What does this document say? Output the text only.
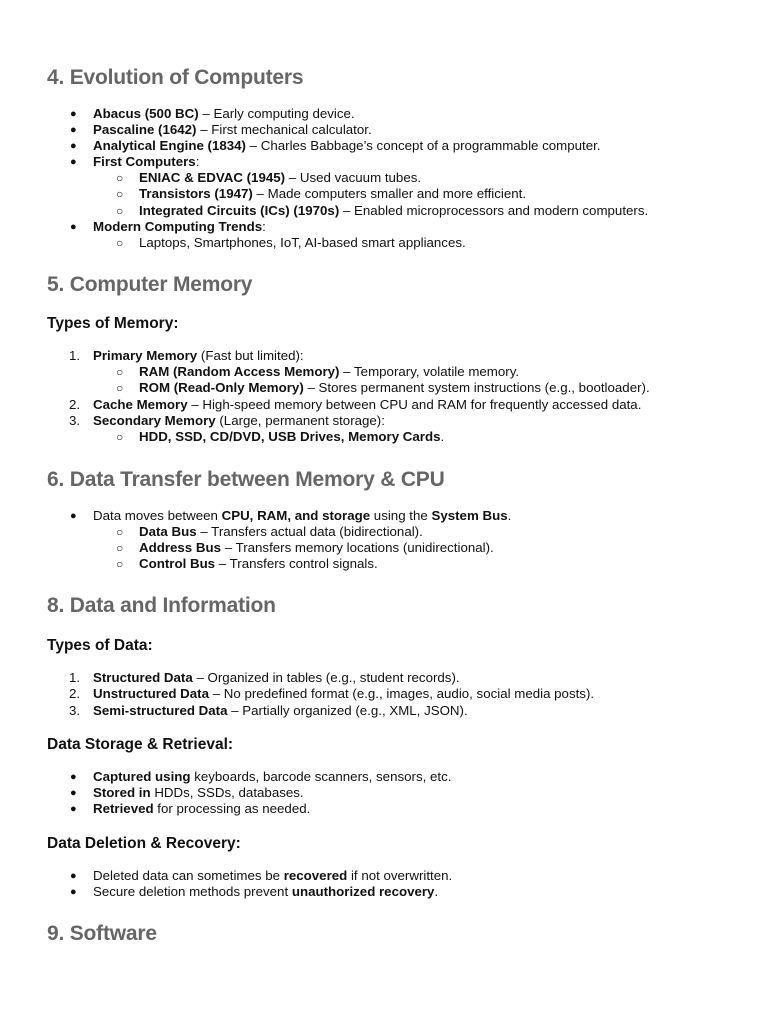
4. Evolution of Computers
● Abacus (500 BC) – Early computing device.

● Pascaline (1642) – First mechanical calculator.

● Analytical Engine (1834) – Charles Babbage’s concept of a programmable computer.

● First Computers:

○ ENIAC & EDVAC (1945) – Used vacuum tubes.

○ Transistors (1947) – Made computers smaller and more efficient.

○ Integrated Circuits (ICs) (1970s) – Enabled microprocessors and modern computers.

● Modern Computing Trends:

○ Laptops, Smartphones, IoT, AI-based smart appliances.

5. Computer Memory
Types of Memory:
1. Primary Memory (Fast but limited):

○ RAM (Random Access Memory) – Temporary, volatile memory.

○ ROM (Read-Only Memory) – Stores permanent system instructions (e.g., bootloader).

2. Cache Memory – High-speed memory between CPU and RAM for frequently accessed data.

3. Secondary Memory (Large, permanent storage):

○ HDD, SSD, CD/DVD, USB Drives, Memory Cards.

6. Data Transfer between Memory & CPU
● Data moves between CPU, RAM, and storage using the System Bus.

○ Data Bus – Transfers actual data (bidirectional).

○ Address Bus – Transfers memory locations (unidirectional).

○ Control Bus – Transfers control signals.

8. Data and Information
Types of Data:
1. Structured Data – Organized in tables (e.g., student records).

2. Unstructured Data – No predefined format (e.g., images, audio, social media posts).

3. Semi-structured Data – Partially organized (e.g., XML, JSON).

Data Storage & Retrieval:
● Captured using keyboards, barcode scanners, sensors, etc.

● Stored in HDDs, SSDs, databases.

● Retrieved for processing as needed.

Data Deletion & Recovery:
● Deleted data can sometimes be recovered if not overwritten.

● Secure deletion methods prevent unauthorized recovery.

9. Software
